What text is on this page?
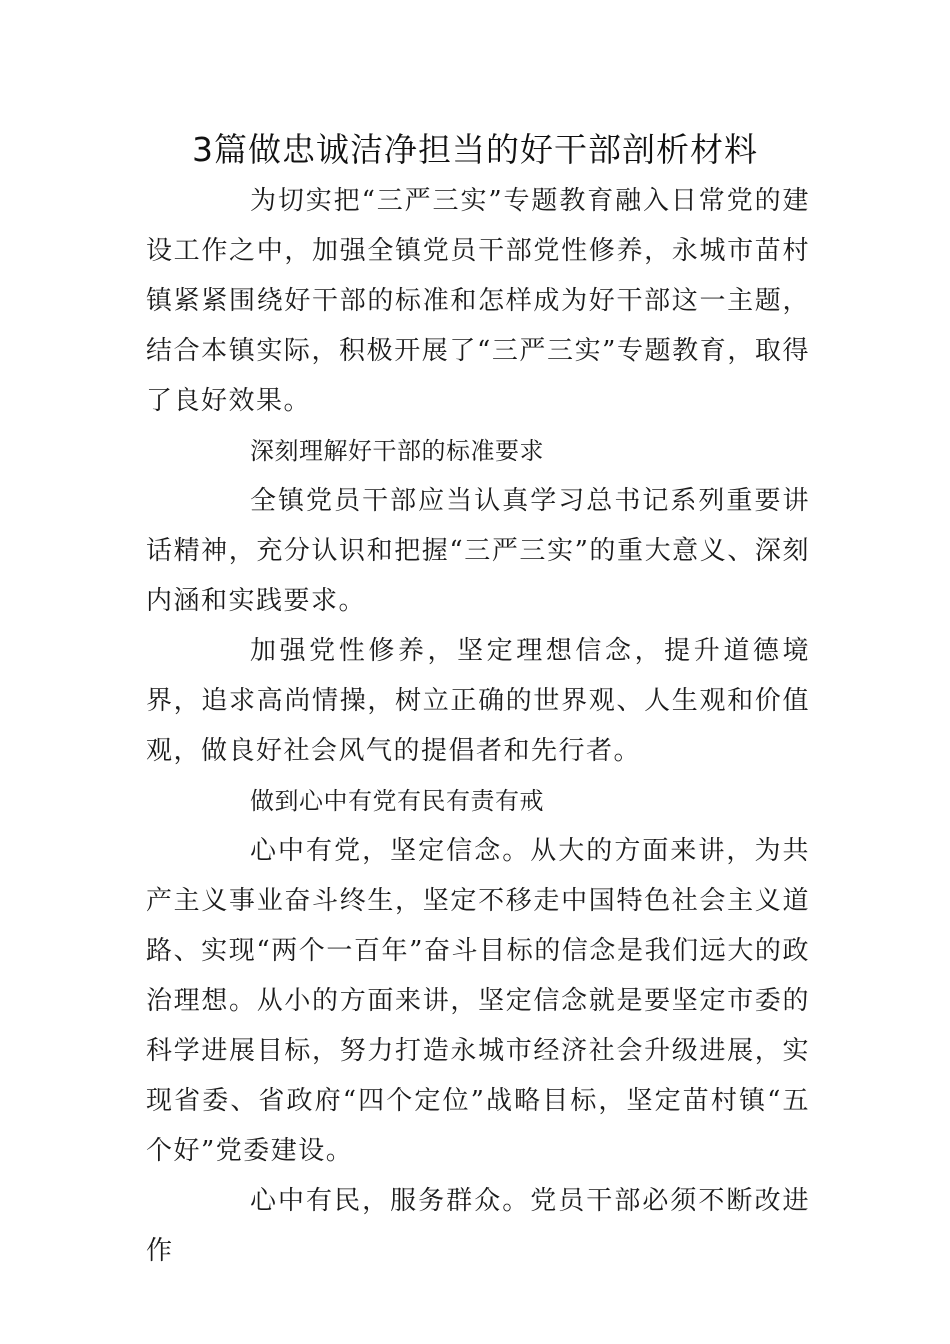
3篇做忠诚洁净担当的好干部剖析材料

为切实把“三严三实”专题教育融入日常党的建设工作之中，加强全镇党员干部党性修养，永城市苗村镇紧紧围绕好干部的标准和怎样成为好干部这一主题，结合本镇实际，积极开展了“三严三实”专题教育，取得了良好效果。

深刻理解好干部的标准要求

全镇党员干部应当认真学习总书记系列重要讲话精神，充分认识和把握“三严三实”的重大意义、深刻内涵和实践要求。

加强党性修养，坚定理想信念，提升道德境界，追求高尚情操，树立正确的世界观、人生观和价值观，做良好社会风气的提倡者和先行者。

做到心中有党有民有责有戒

心中有党，坚定信念。从大的方面来讲，为共产主义事业奋斗终生，坚定不移走中国特色社会主义道路、实现“两个一百年”奋斗目标的信念是我们远大的政治理想。从小的方面来讲，坚定信念就是要坚定市委的科学进展目标，努力打造永城市经济社会升级进展，实现省委、省政府“四个定位”战略目标，坚定苗村镇“五个好”党委建设。

心中有民，服务群众。党员干部必须不断改进作
